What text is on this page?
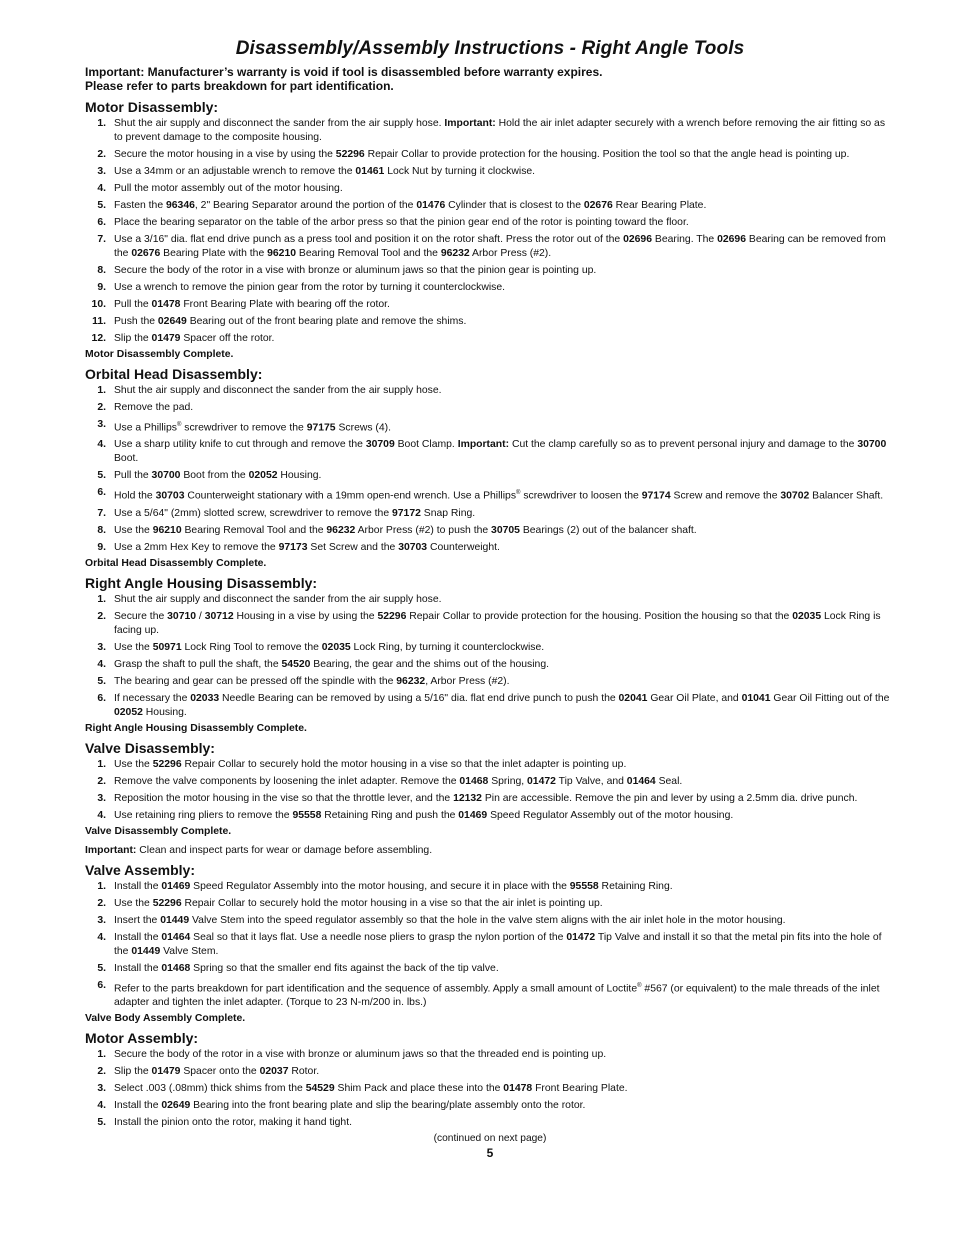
Disassembly/Assembly Instructions - Right Angle Tools
Important: Manufacturer’s warranty is void if tool is disassembled before warranty expires.
Please refer to parts breakdown for part identification.
Motor Disassembly:
1. Shut the air supply and disconnect the sander from the air supply hose. Important: Hold the air inlet adapter securely with a wrench before removing the air fitting so as to prevent damage to the composite housing.
2. Secure the motor housing in a vise by using the 52296 Repair Collar to provide protection for the housing. Position the tool so that the angle head is pointing up.
3. Use a 34mm or an adjustable wrench to remove the 01461 Lock Nut by turning it clockwise.
4. Pull the motor assembly out of the motor housing.
5. Fasten the 96346, 2" Bearing Separator around the portion of the 01476 Cylinder that is closest to the 02676 Rear Bearing Plate.
6. Place the bearing separator on the table of the arbor press so that the pinion gear end of the rotor is pointing toward the floor.
7. Use a 3/16" dia. flat end drive punch as a press tool and position it on the rotor shaft. Press the rotor out of the 02696 Bearing. The 02696 Bearing can be removed from the 02676 Bearing Plate with the 96210 Bearing Removal Tool and the 96232 Arbor Press (#2).
8. Secure the body of the rotor in a vise with bronze or aluminum jaws so that the pinion gear is pointing up.
9. Use a wrench to remove the pinion gear from the rotor by turning it counterclockwise.
10. Pull the 01478 Front Bearing Plate with bearing off the rotor.
11. Push the 02649 Bearing out of the front bearing plate and remove the shims.
12. Slip the 01479 Spacer off the rotor.
Motor Disassembly Complete.
Orbital Head Disassembly:
1. Shut the air supply and disconnect the sander from the air supply hose.
2. Remove the pad.
3. Use a Phillips® screwdriver to remove the 97175 Screws (4).
4. Use a sharp utility knife to cut through and remove the 30709 Boot Clamp. Important: Cut the clamp carefully so as to prevent personal injury and damage to the 30700 Boot.
5. Pull the 30700 Boot from the 02052 Housing.
6. Hold the 30703 Counterweight stationary with a 19mm open-end wrench. Use a Phillips® screwdriver to loosen the 97174 Screw and remove the 30702 Balancer Shaft.
7. Use a 5/64" (2mm) slotted screw, screwdriver to remove the 97172 Snap Ring.
8. Use the 96210 Bearing Removal Tool and the 96232 Arbor Press (#2) to push the 30705 Bearings (2) out of the balancer shaft.
9. Use a 2mm Hex Key to remove the 97173 Set Screw and the 30703 Counterweight.
Orbital Head Disassembly Complete.
Right Angle Housing Disassembly:
1. Shut the air supply and disconnect the sander from the air supply hose.
2. Secure the 30710 / 30712 Housing in a vise by using the 52296 Repair Collar to provide protection for the housing. Position the housing so that the 02035 Lock Ring is facing up.
3. Use the 50971 Lock Ring Tool to remove the 02035 Lock Ring, by turning it counterclockwise.
4. Grasp the shaft to pull the shaft, the 54520 Bearing, the gear and the shims out of the housing.
5. The bearing and gear can be pressed off the spindle with the 96232, Arbor Press (#2).
6. If necessary the 02033 Needle Bearing can be removed by using a 5/16" dia. flat end drive punch to push the 02041 Gear Oil Plate, and 01041 Gear Oil Fitting out of the 02052 Housing.
Right Angle Housing Disassembly Complete.
Valve Disassembly:
1. Use the 52296 Repair Collar to securely hold the motor housing in a vise so that the inlet adapter is pointing up.
2. Remove the valve components by loosening the inlet adapter. Remove the 01468 Spring, 01472 Tip Valve, and 01464 Seal.
3. Reposition the motor housing in the vise so that the throttle lever, and the 12132 Pin are accessible. Remove the pin and lever by using a 2.5mm dia. drive punch.
4. Use retaining ring pliers to remove the 95558 Retaining Ring and push the 01469 Speed Regulator Assembly out of the motor housing.
Valve Disassembly Complete.
Important: Clean and inspect parts for wear or damage before assembling.
Valve Assembly:
1. Install the 01469 Speed Regulator Assembly into the motor housing, and secure it in place with the 95558 Retaining Ring.
2. Use the 52296 Repair Collar to securely hold the motor housing in a vise so that the air inlet is pointing up.
3. Insert the 01449 Valve Stem into the speed regulator assembly so that the hole in the valve stem aligns with the air inlet hole in the motor housing.
4. Install the 01464 Seal so that it lays flat. Use a needle nose pliers to grasp the nylon portion of the 01472 Tip Valve and install it so that the metal pin fits into the hole of the 01449 Valve Stem.
5. Install the 01468 Spring so that the smaller end fits against the back of the tip valve.
6. Refer to the parts breakdown for part identification and the sequence of assembly. Apply a small amount of Loctite® #567 (or equivalent) to the male threads of the inlet adapter and tighten the inlet adapter. (Torque to 23 N-m/200 in. lbs.)
Valve Body Assembly Complete.
Motor Assembly:
1. Secure the body of the rotor in a vise with bronze or aluminum jaws so that the threaded end is pointing up.
2. Slip the 01479 Spacer onto the 02037 Rotor.
3. Select .003 (.08mm) thick shims from the 54529 Shim Pack and place these into the 01478 Front Bearing Plate.
4. Install the 02649 Bearing into the front bearing plate and slip the bearing/plate assembly onto the rotor.
5. Install the pinion onto the rotor, making it hand tight.
(continued on next page)
5
